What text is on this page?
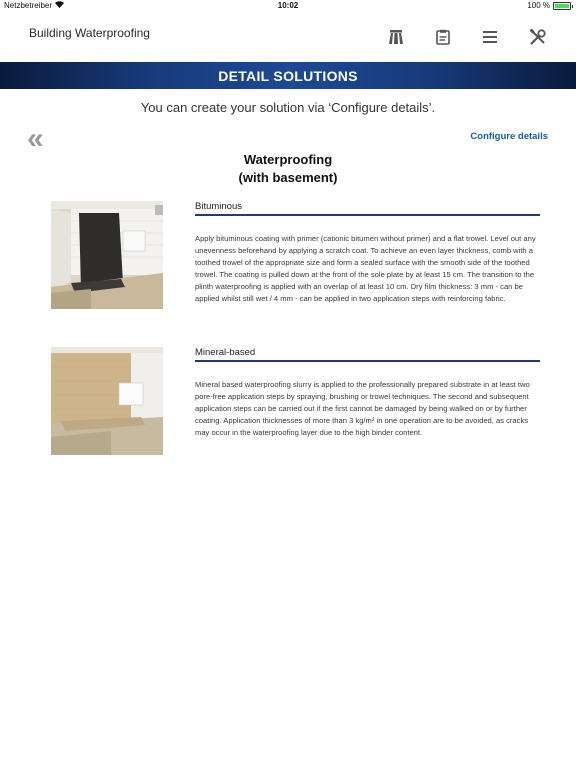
Netzbetreiber	10:02	100 %
Building Waterproofing
DETAIL SOLUTIONS
You can create your solution via ‘Configure details’.
«	Configure details
Waterproofing
(with basement)
Bituminous
Apply bituminous coating with primer (cationic bitumen without primer) and a flat trowel. Level out any unevenness beforehand by applying a scratch coat. To achieve an even layer thickness, comb with a toothed trowel of the appropriate size and form a sealed surface with the smooth side of the toothed trowel. The coating is pulled down at the front of the sole plate by at least 15 cm. The transition to the plinth waterproofing is applied with an overlap of at least 10 cm. Dry film thickness: 3 mm - can be applied whilst still wet / 4 mm - can be applied in two application steps with reinforcing fabric.
Mineral-based
Mineral based waterproofing slurry is applied to the professionally prepared substrate in at least two pore-free application steps by spraying, brushing or trowel techniques. The second and subsequent application steps can be carried out if the first cannot be damaged by being walked on or by further coating. Application thicknesses of more than 3 kg/m² in one operation are to be avoided, as cracks may occur in the waterproofing layer due to the high binder content.
